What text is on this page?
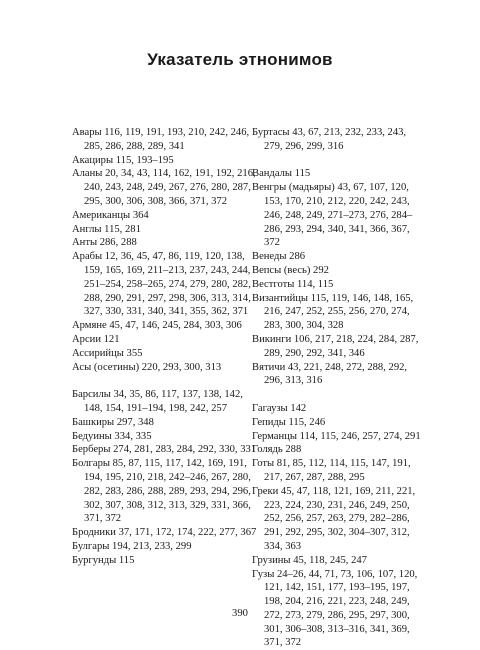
Указатель этнонимов

Авары 116, 119, 191, 193, 210, 242, 246, 285, 286, 288, 289, 341

Акациры 115, 193–195

Аланы 20, 34, 43, 114, 162, 191, 192, 216, 240, 243, 248, 249, 267, 276, 280, 287, 295, 300, 306, 308, 366, 371, 372

Американцы 364

Англы 115, 281

Анты 286, 288

Арабы 12, 36, 45, 47, 86, 119, 120, 138, 159, 165, 169, 211–213, 237, 243, 244, 251–254, 258–265, 274, 279, 280, 282, 288, 290, 291, 297, 298, 306, 313, 314, 327, 330, 331, 340, 341, 355, 362, 371

Армяне 45, 47, 146, 245, 284, 303, 306

Арсии 121

Ассирийцы 355

Асы (осетины) 220, 293, 300, 313

Барсилы 34, 35, 86, 117, 137, 138, 142, 148, 154, 191–194, 198, 242, 257

Башкиры 297, 348

Бедуины 334, 335

Берберы 274, 281, 283, 284, 292, 330, 331

Болгары 85, 87, 115, 117, 142, 169, 191, 194, 195, 210, 218, 242–246, 267, 280, 282, 283, 286, 288, 289, 293, 294, 296, 302, 307, 308, 312, 313, 329, 331, 366, 371, 372

Бродники 37, 171, 172, 174, 222, 277, 367

Булгары 194, 213, 233, 299

Бургунды 115

Буртасы 43, 67, 213, 232, 233, 243, 279, 296, 299, 316

Вандалы 115

Венгры (мадьяры) 43, 67, 107, 120, 153, 170, 210, 212, 220, 242, 243, 246, 248, 249, 271–273, 276, 284–286, 293, 294, 340, 341, 366, 367, 372

Венеды 286

Вепсы (весь) 292

Вестготы 114, 115

Византийцы 115, 119, 146, 148, 165, 216, 247, 252, 255, 256, 270, 274, 283, 300, 304, 328

Викинги 106, 217, 218, 224, 284, 287, 289, 290, 292, 341, 346

Вятичи 43, 221, 248, 272, 288, 292, 296, 313, 316

Гагаузы 142

Гепиды 115, 246

Германцы 114, 115, 246, 257, 274, 291

Голядь 288

Готы 81, 85, 112, 114, 115, 147, 191, 217, 267, 287, 288, 295

Греки 45, 47, 118, 121, 169, 211, 221, 223, 224, 230, 231, 246, 249, 250, 252, 256, 257, 263, 279, 282–286, 291, 292, 295, 302, 304–307, 312, 334, 363

Грузины 45, 118, 245, 247

Гузы 24–26, 44, 71, 73, 106, 107, 120, 121, 142, 151, 177, 193–195, 197, 198, 204, 216, 221, 223, 248, 249, 272, 273, 279, 286, 295, 297, 300, 301, 306–308, 313–316, 341, 369, 371, 372

390
